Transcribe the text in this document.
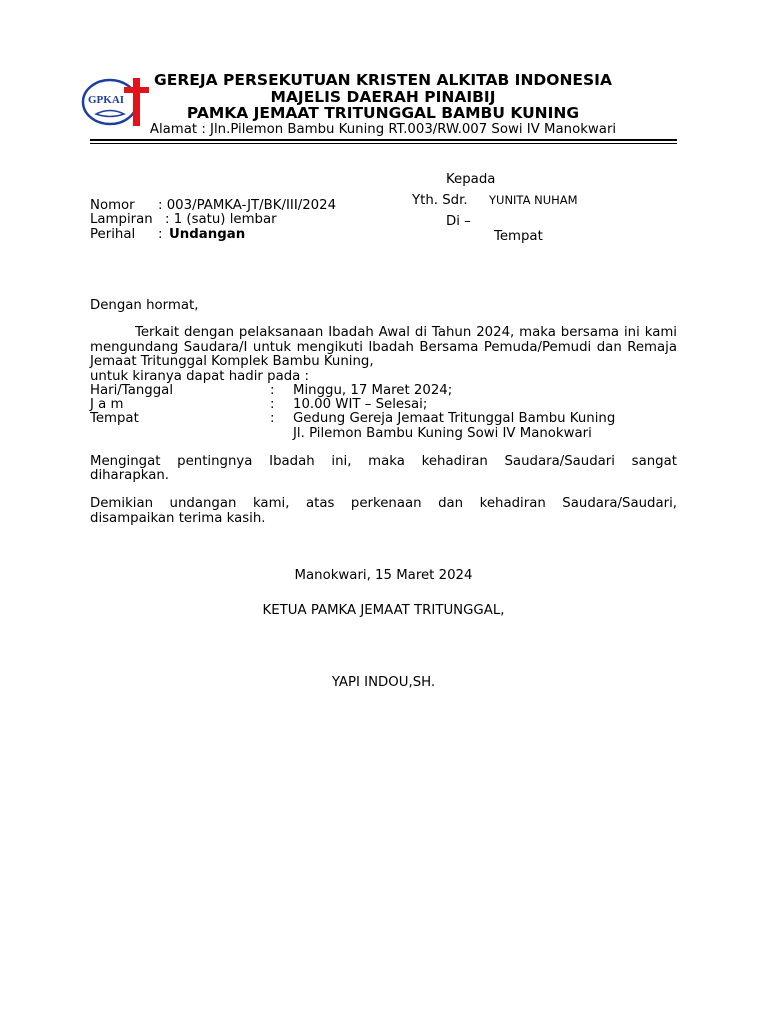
GPKAI
GEREJA PERSEKUTUAN KRISTEN ALKITAB INDONESIA
MAJELIS DAERAH PINAIBIJ
PAMKA JEMAAT TRITUNGGAL BAMBU KUNING
Alamat : Jln.Pilemon Bambu Kuning RT.003/RW.007 Sowi IV Manokwari
Kepada
Yth. Sdr. YUNITA NUHAM
Di –
Tempat
Nomor : 003/PAMKA-JT/BK/III/2024
Lampiran : 1 (satu) lembar
Perihal : Undangan
Dengan hormat,

Terkait dengan pelaksanaan Ibadah Awal di Tahun 2024, maka bersama ini kami mengundang Saudara/I untuk mengikuti Ibadah Bersama Pemuda/Pemudi dan Remaja Jemaat Tritunggal Komplek Bambu Kuning,

untuk kiranya dapat hadir pada :
Hari/Tanggal	: Minggu, 17 Maret 2024;
J a m	: 10.00 WIT – Selesai;
Tempat	: Gedung Gereja Jemaat Tritunggal Bambu Kuning
Jl. Pilemon Bambu Kuning Sowi IV Manokwari

Mengingat pentingnya Ibadah ini, maka kehadiran Saudara/Saudari sangat

diharapkan.

Demikian undangan kami, atas perkenaan dan kehadiran Saudara/Saudari,

disampaikan terima kasih.
Manokwari, 15 Maret 2024
KETUA PAMKA JEMAAT TRITUNGGAL,
YAPI INDOU,SH.
